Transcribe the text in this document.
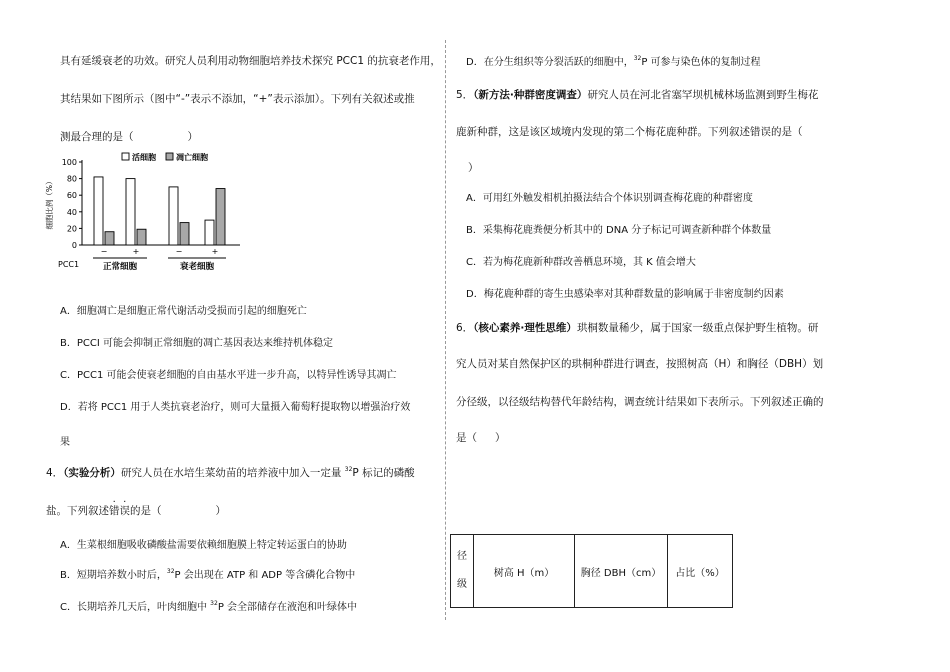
具有延缓衰老的功效。研究人员利用动物细胞培养技术探究 PCC1 的抗衰老作用，
其结果如下图所示（图中“-”表示不添加，“+”表示添加）。下列有关叙述或推
测最合理的是（	）
0
20
40
60
80
100
细胞比例（%）
−	+	−	+
PCC1	正常细胞	衰老细胞
活细胞	凋亡细胞
A．细胞凋亡是细胞正常代谢活动受损而引起的细胞死亡
B．PCCI 可能会抑制正常细胞的凋亡基因表达来维持机体稳定
C．PCC1 可能会使衰老细胞的自由基水平进一步升高，以特异性诱导其凋亡
D．若将 PCC1 用于人类抗衰老治疗，则可大量摄入葡萄籽提取物以增强治疗效
果
4．（实验分析）研究人员在水培生菜幼苗的培养液中加入一定量 $^{32}$P 标记的磷酸
盐。下列叙述错误的是（	）
A．生菜根细胞吸收磷酸盐需要依赖细胞膜上特定转运蛋白的协助
B．短期培养数小时后，$^{32}$P 会出现在 ATP 和 ADP 等含磷化合物中
C．长期培养几天后，叶肉细胞中 $^{32}$P 会全部储存在液泡和叶绿体中
D．在分生组织等分裂活跃的细胞中，$^{32}$P 可参与染色体的复制过程
5．（新方法·种群密度调查）研究人员在河北省塞罕坝机械林场监测到野生梅花
鹿新种群，这是该区域境内发现的第二个梅花鹿种群。下列叙述错误的是（
）
A．可用红外触发相机拍摄法结合个体识别调查梅花鹿的种群密度
B．采集梅花鹿粪便分析其中的 DNA 分子标记可调查新种群个体数量
C．若为梅花鹿新种群改善栖息环境，其 K 值会增大
D．梅花鹿种群的寄生虫感染率对其种群数量的影响属于非密度制约因素
6．（核心素养·理性思维）珙桐数量稀少，属于国家一级重点保护野生植物。研
究人员对某自然保护区的珙桐种群进行调查，按照树高（H）和胸径（DBH）划
分径级，以径级结构替代年龄结构，调查统计结果如下表所示。下列叙述正确的
是（ ）
径
级
	树高 H（m）	胸径 DBH（cm）	占比（%）
